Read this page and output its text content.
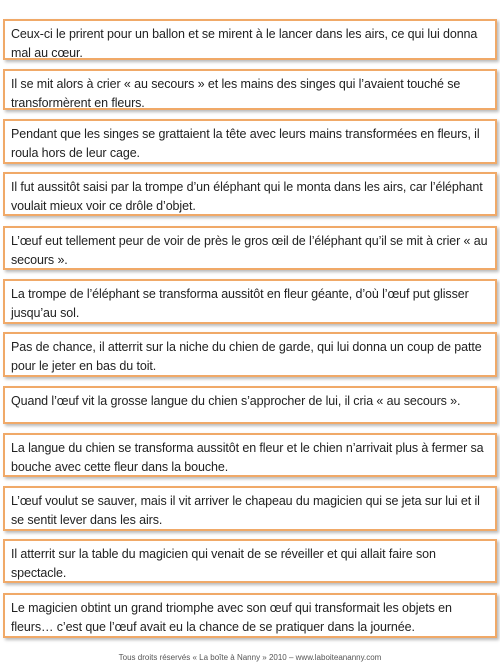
Ceux-ci le prirent pour un ballon et se mirent à le lancer dans les airs, ce qui lui donna mal au cœur.
Il se mit alors à crier « au secours » et les mains des singes qui l’avaient touché se transformèrent en fleurs.
Pendant que les singes se grattaient la tête avec leurs mains transformées en fleurs, il roula hors de leur cage.
Il fut aussitôt saisi par la trompe d’un éléphant qui le monta dans les airs, car l’éléphant voulait mieux voir ce drôle d’objet.
L’œuf eut tellement peur de voir de près le gros œil de l’éléphant qu’il se mit à crier « au secours ».
La trompe de l’éléphant se transforma aussitôt en fleur géante, d’où l’œuf put glisser jusqu’au sol.
Pas de chance, il atterrit sur la niche du chien de garde, qui lui donna un coup de patte pour le jeter en bas du toit.
Quand l’œuf vit la grosse langue du chien s’approcher de lui, il cria « au secours ».
La langue du chien se transforma aussitôt en fleur et le chien n’arrivait plus à fermer sa bouche avec cette fleur dans la bouche.
L’œuf voulut se sauver, mais il vit arriver le chapeau du magicien qui se jeta sur lui et il se sentit lever dans les airs.
Il atterrit sur la table du magicien qui venait de se réveiller et qui allait faire son spectacle.
Le magicien obtint un grand triomphe avec son œuf qui transformait les objets en fleurs… c’est que l’œuf avait eu la chance de se pratiquer dans la journée.
Tous droits réservés « La boîte à Nanny » 2010 – www.laboiteananny.com
